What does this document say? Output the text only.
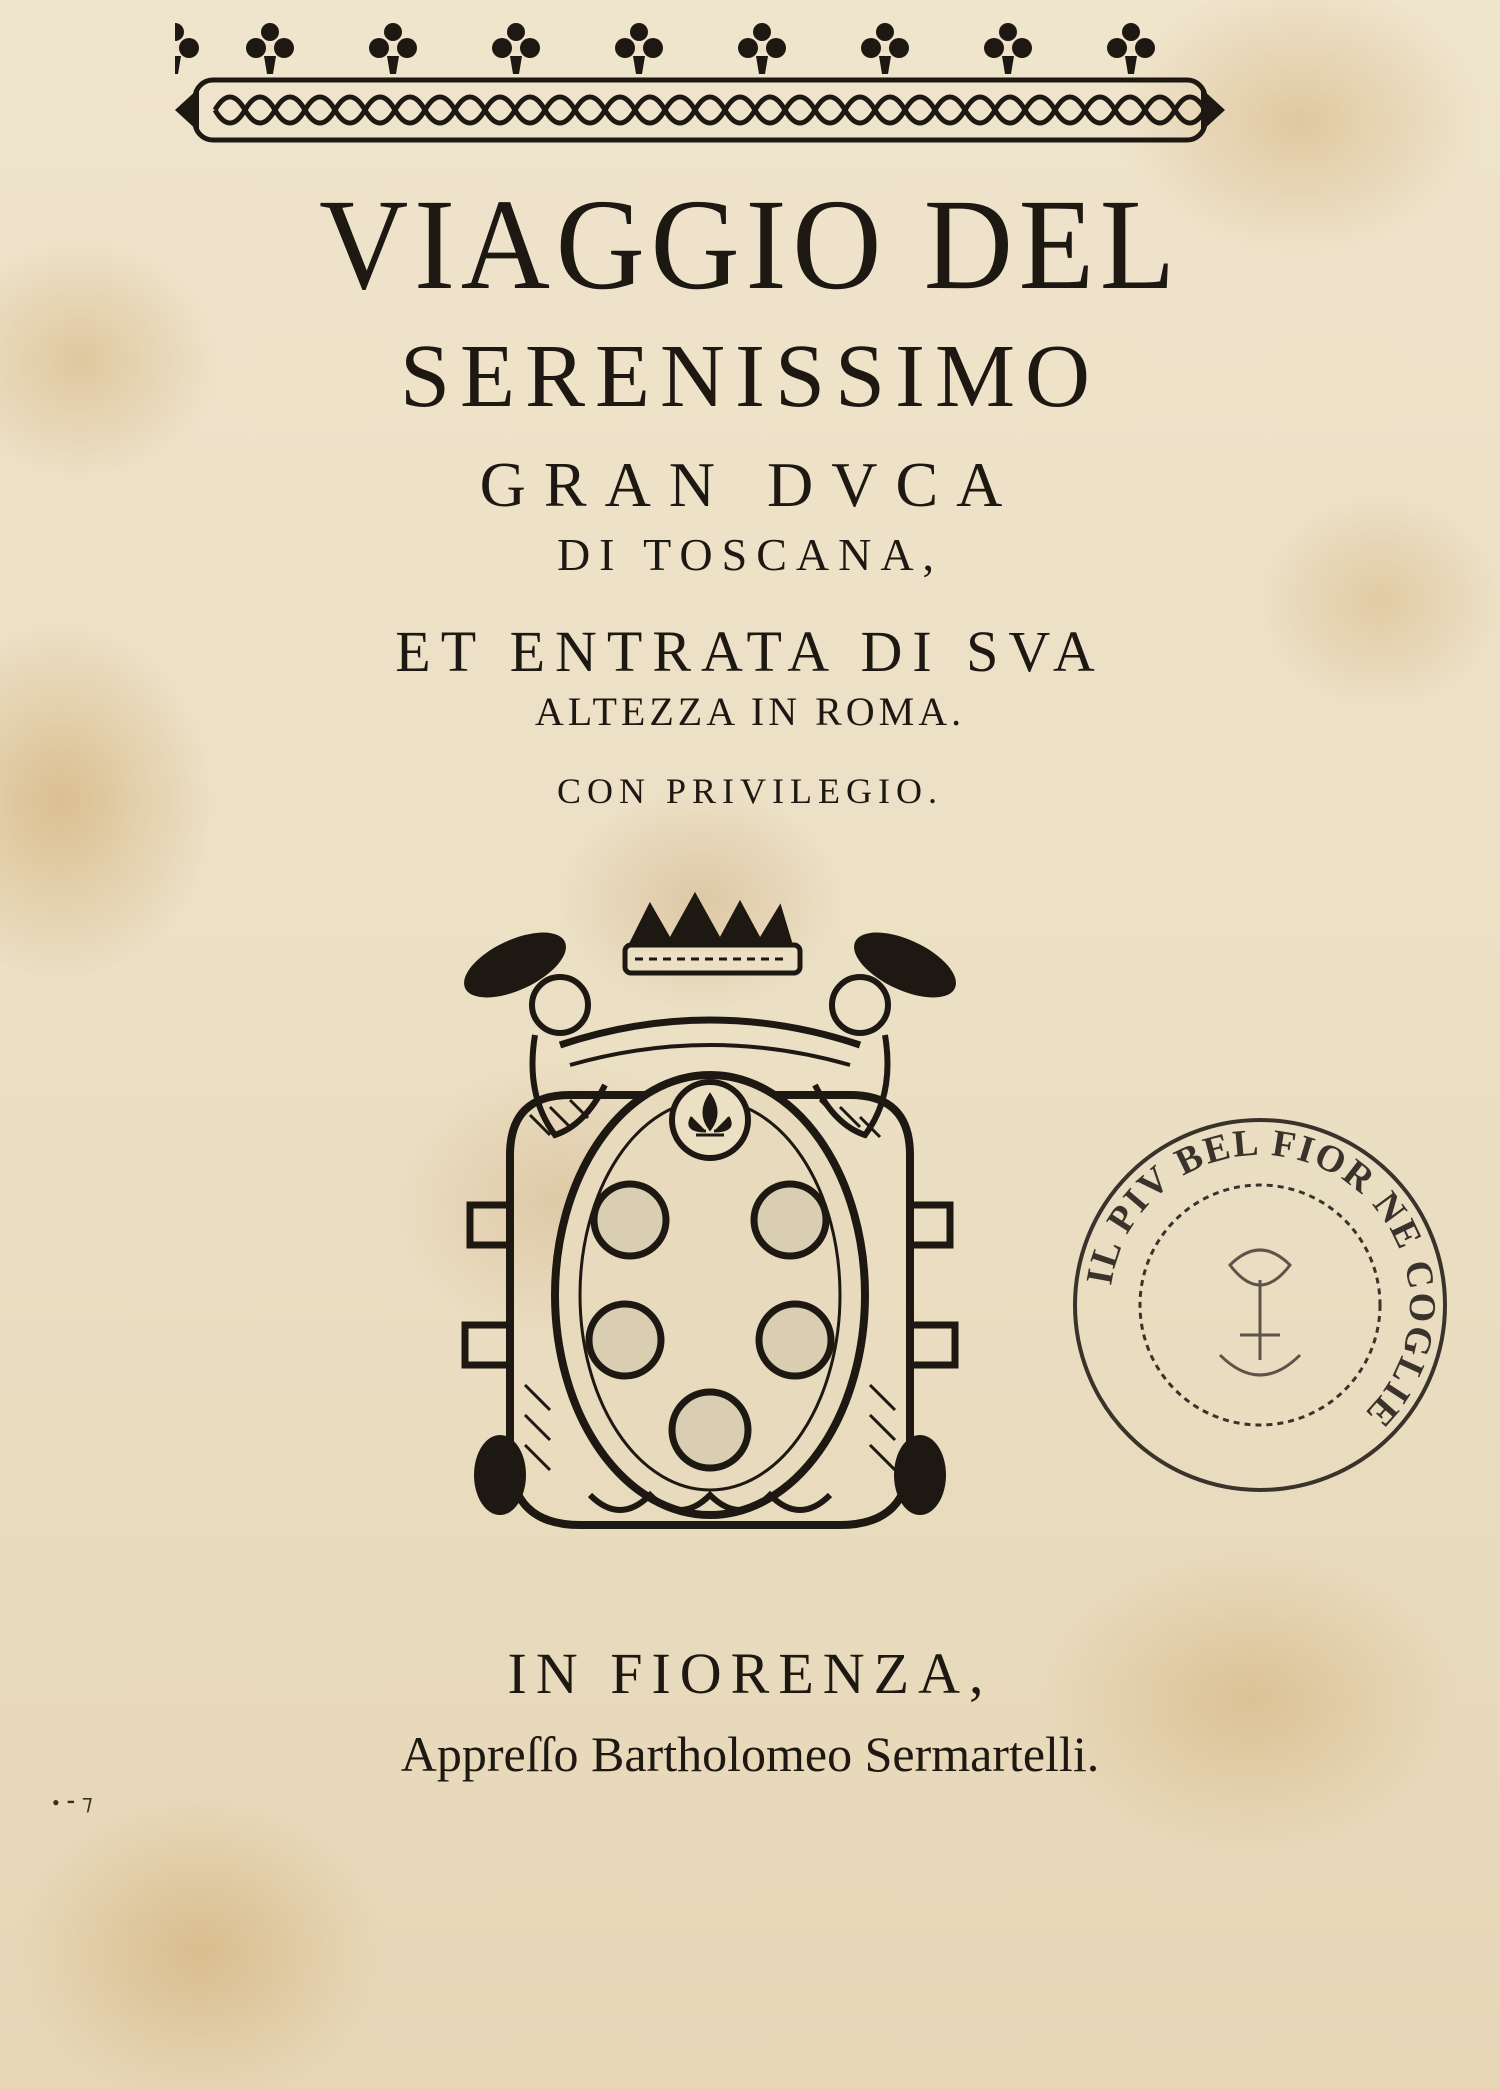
VIAGGIO DEL
SERENISSIMO
GRAN DVCA
DI TOSCANA,
ET ENTRATA DI SVA
ALTEZZA IN ROMA.
CON PRIVILEGIO.
IL PIV BEL FIOR NE COGLIE
IN FIORENZA,
Appreſſo Bartholomeo Sermartelli.
• ⁃ ⁊
